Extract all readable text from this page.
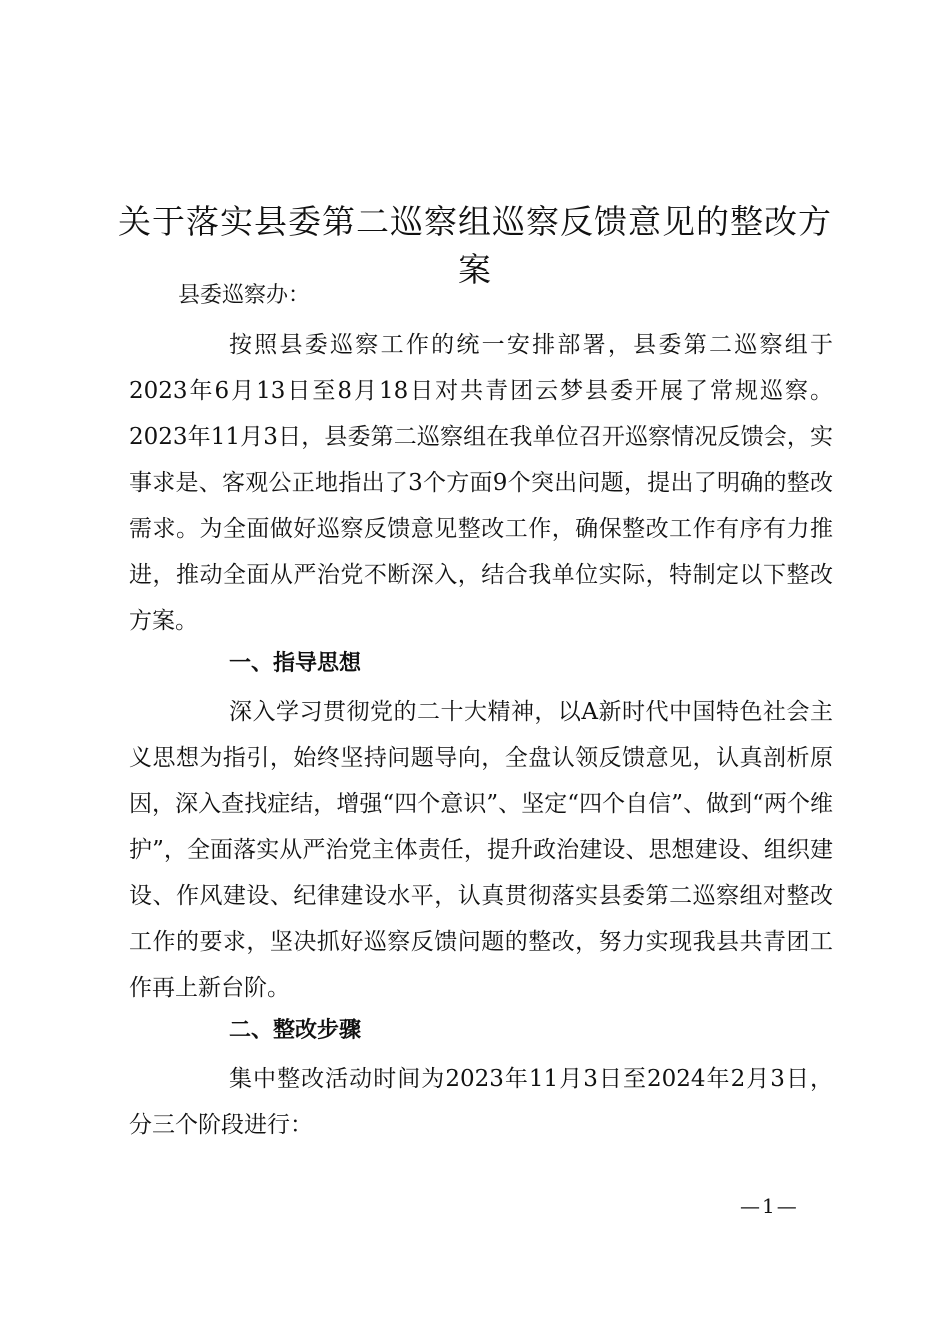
关于落实县委第二巡察组巡察反馈意见的整改方案
县委巡察办：

按照县委巡察工作的统一安排部署，县委第二巡察组于2023年6月13日至8月18日对共青团云梦县委开展了常规巡察。2023年11月3日，县委第二巡察组在我单位召开巡察情况反馈会，实事求是、客观公正地指出了3个方面9个突出问题，提出了明确的整改需求。为全面做好巡察反馈意见整改工作，确保整改工作有序有力推进，推动全面从严治党不断深入，结合我单位实际，特制定以下整改方案。

一、指导思想

深入学习贯彻党的二十大精神，以A新时代中国特色社会主义思想为指引，始终坚持问题导向，全盘认领反馈意见，认真剖析原因，深入查找症结，增强“四个意识”、坚定“四个自信”、做到“两个维护”，全面落实从严治党主体责任，提升政治建设、思想建设、组织建设、作风建设、纪律建设水平，认真贯彻落实县委第二巡察组对整改工作的要求，坚决抓好巡察反馈问题的整改，努力实现我县共青团工作再上新台阶。

二、整改步骤

集中整改活动时间为2023年11月3日至2024年2月3日，分三个阶段进行：

—1—
